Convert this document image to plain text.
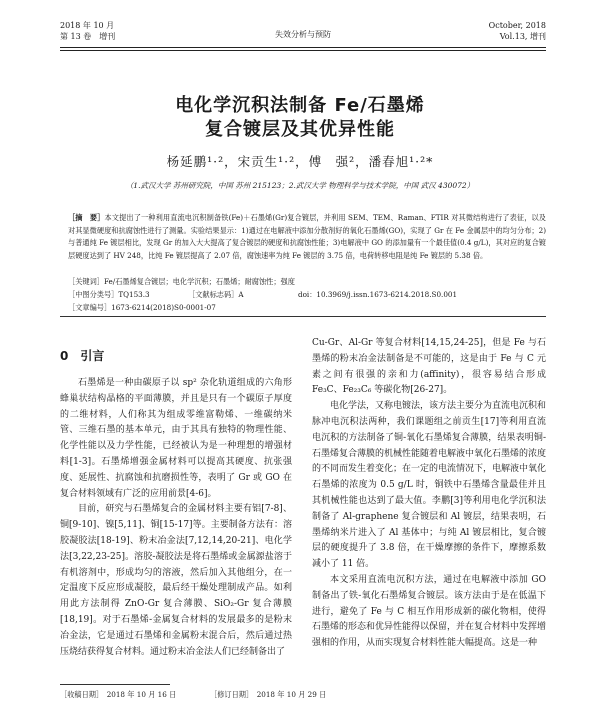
2018 年 10 月
第 13 卷　增刊	失效分析与预防
October, 2018
Vol.13, 增刊
电化学沉积法制备 Fe/石墨烯
复合镀层及其优异性能
杨延鹏¹·²，宋贡生¹·²，傅　强²，潘春旭¹·²*
（1.武汉大学 苏州研究院，中国 苏州 215123；2.武汉大学 物理科学与技术学院，中国 武汉 430072）
［摘　要］本文提出了一种利用直流电沉积制备铁(Fe)＋石墨烯(Gr)复合镀层，并利用 SEM、TEM、Raman、FTIR 对其微结构进行了表征，以及对其显微硬度和抗腐蚀性进行了测量。实验结果显示：1)通过在电解液中添加分散剂好的氧化石墨烯(GO)，实现了 Gr 在 Fe 金属层中的均匀分布；2)与普通纯 Fe 镀层相比，发现 Gr 的加入大大提高了复合镀层的硬度和抗腐蚀性能；3)电解液中 GO 的添加量有一个最佳值(0.4 g/L)，其对应的复合镀层硬度达到了 HV 248，比纯 Fe 镀层提高了 2.07 倍，腐蚀速率为纯 Fe 镀层的 3.75 倍，电荷转移电阻是纯 Fe 镀层的 5.38 倍。
［关键词］Fe/石墨烯复合镀层；电化学沉积；石墨烯；耐腐蚀性；强度
［中图分类号］TQ153.3	［文献标志码］A	doi：10.3969/j.issn.1673-6214.2018.S0.001
［文章编号］1673-6214(2018)S0-0001-07
0　引言

石墨烯是一种由碳原子以 sp² 杂化轨道组成的六角形蜂巢状结构晶格的平面薄膜，并且是只有一个碳原子厚度的二维材料，人们称其为组成零维富勒烯、一维碳纳米管、三维石墨的基本单元，由于其具有独特的物理性能、化学性能以及力学性能，已经被认为是一种理想的增强材料[1-3]。石墨烯增强金属材料可以提高其硬度、抗张强度、延展性、抗腐蚀和抗磨损性等，表明了 Gr 或 GO 在复合材料领域有广泛的应用前景[4-6]。

目前，研究与石墨烯复合的金属材料主要有铝[7-8]、铜[9-10]、镍[5,11]、铜[15-17]等。主要制备方法有：溶胶凝胶法[18-19]、粉末冶金法[7,12,14,20-21]、电化学法[3,22,23-25]。溶胶-凝胶法是将石墨烯或金属源盐溶于有机溶剂中，形成均匀的溶液，然后加入其他组分，在一定温度下反应形成凝胶，最后经干燥处理制成产品。如利用此方法制得 ZnO-Gr 复合薄膜、SiO₂-Gr 复合薄膜[18,19]。对于石墨烯-金属复合材料的发展最多的是粉末冶金法，它是通过石墨烯和金属粉末混合后，然后通过热压烧结获得复合材料。通过粉末冶金法人们已经制备出了

Cu-Gr、Al-Gr 等复合材料[14,15,24-25]，但是 Fe 与石墨烯的粉末冶金法制备是不可能的，这是由于 Fe 与 C 元素之间有很强的亲和力(affinity)，很容易结合形成 Fe₃C、Fe₂₃C₆ 等碳化物[26-27]。

电化学法，又称电镀法，该方法主要分为直流电沉积和脉冲电沉积法两种，我们课题组之前贡生[17]等利用直流电沉积的方法制备了铜-氧化石墨烯复合薄膜，结果表明铜-石墨烯复合薄膜的机械性能随着电解液中氧化石墨烯的浓度的不同而发生着变化；在一定的电流情况下，电解液中氧化石墨烯的浓度为 0.5 g/L 时，铜铁中石墨烯含量最佳并且其机械性能也达到了最大值。李鹏[3]等利用电化学沉积法制备了 Al-graphene 复合镀层和 Al 镀层，结果表明，石墨烯纳米片进入了 Al 基体中；与纯 Al 镀层相比，复合镀层的硬度提升了 3.8 倍，在干燥摩擦的条件下，摩擦系数减小了 11 倍。

本文采用直流电沉积方法，通过在电解液中添加 GO 制备出了铁-氧化石墨烯复合镀层。该方法由于是在低温下进行，避免了 Fe 与 C 相互作用形成新的碳化物相，使得石墨烯的形态和优异性能得以保留，并在复合材料中发挥增强相的作用，从而实现复合材料性能大幅提高。这是一种

［收稿日期］　2018 年 10 月 16 日	［修订日期］　2018 年 10 月 29 日
